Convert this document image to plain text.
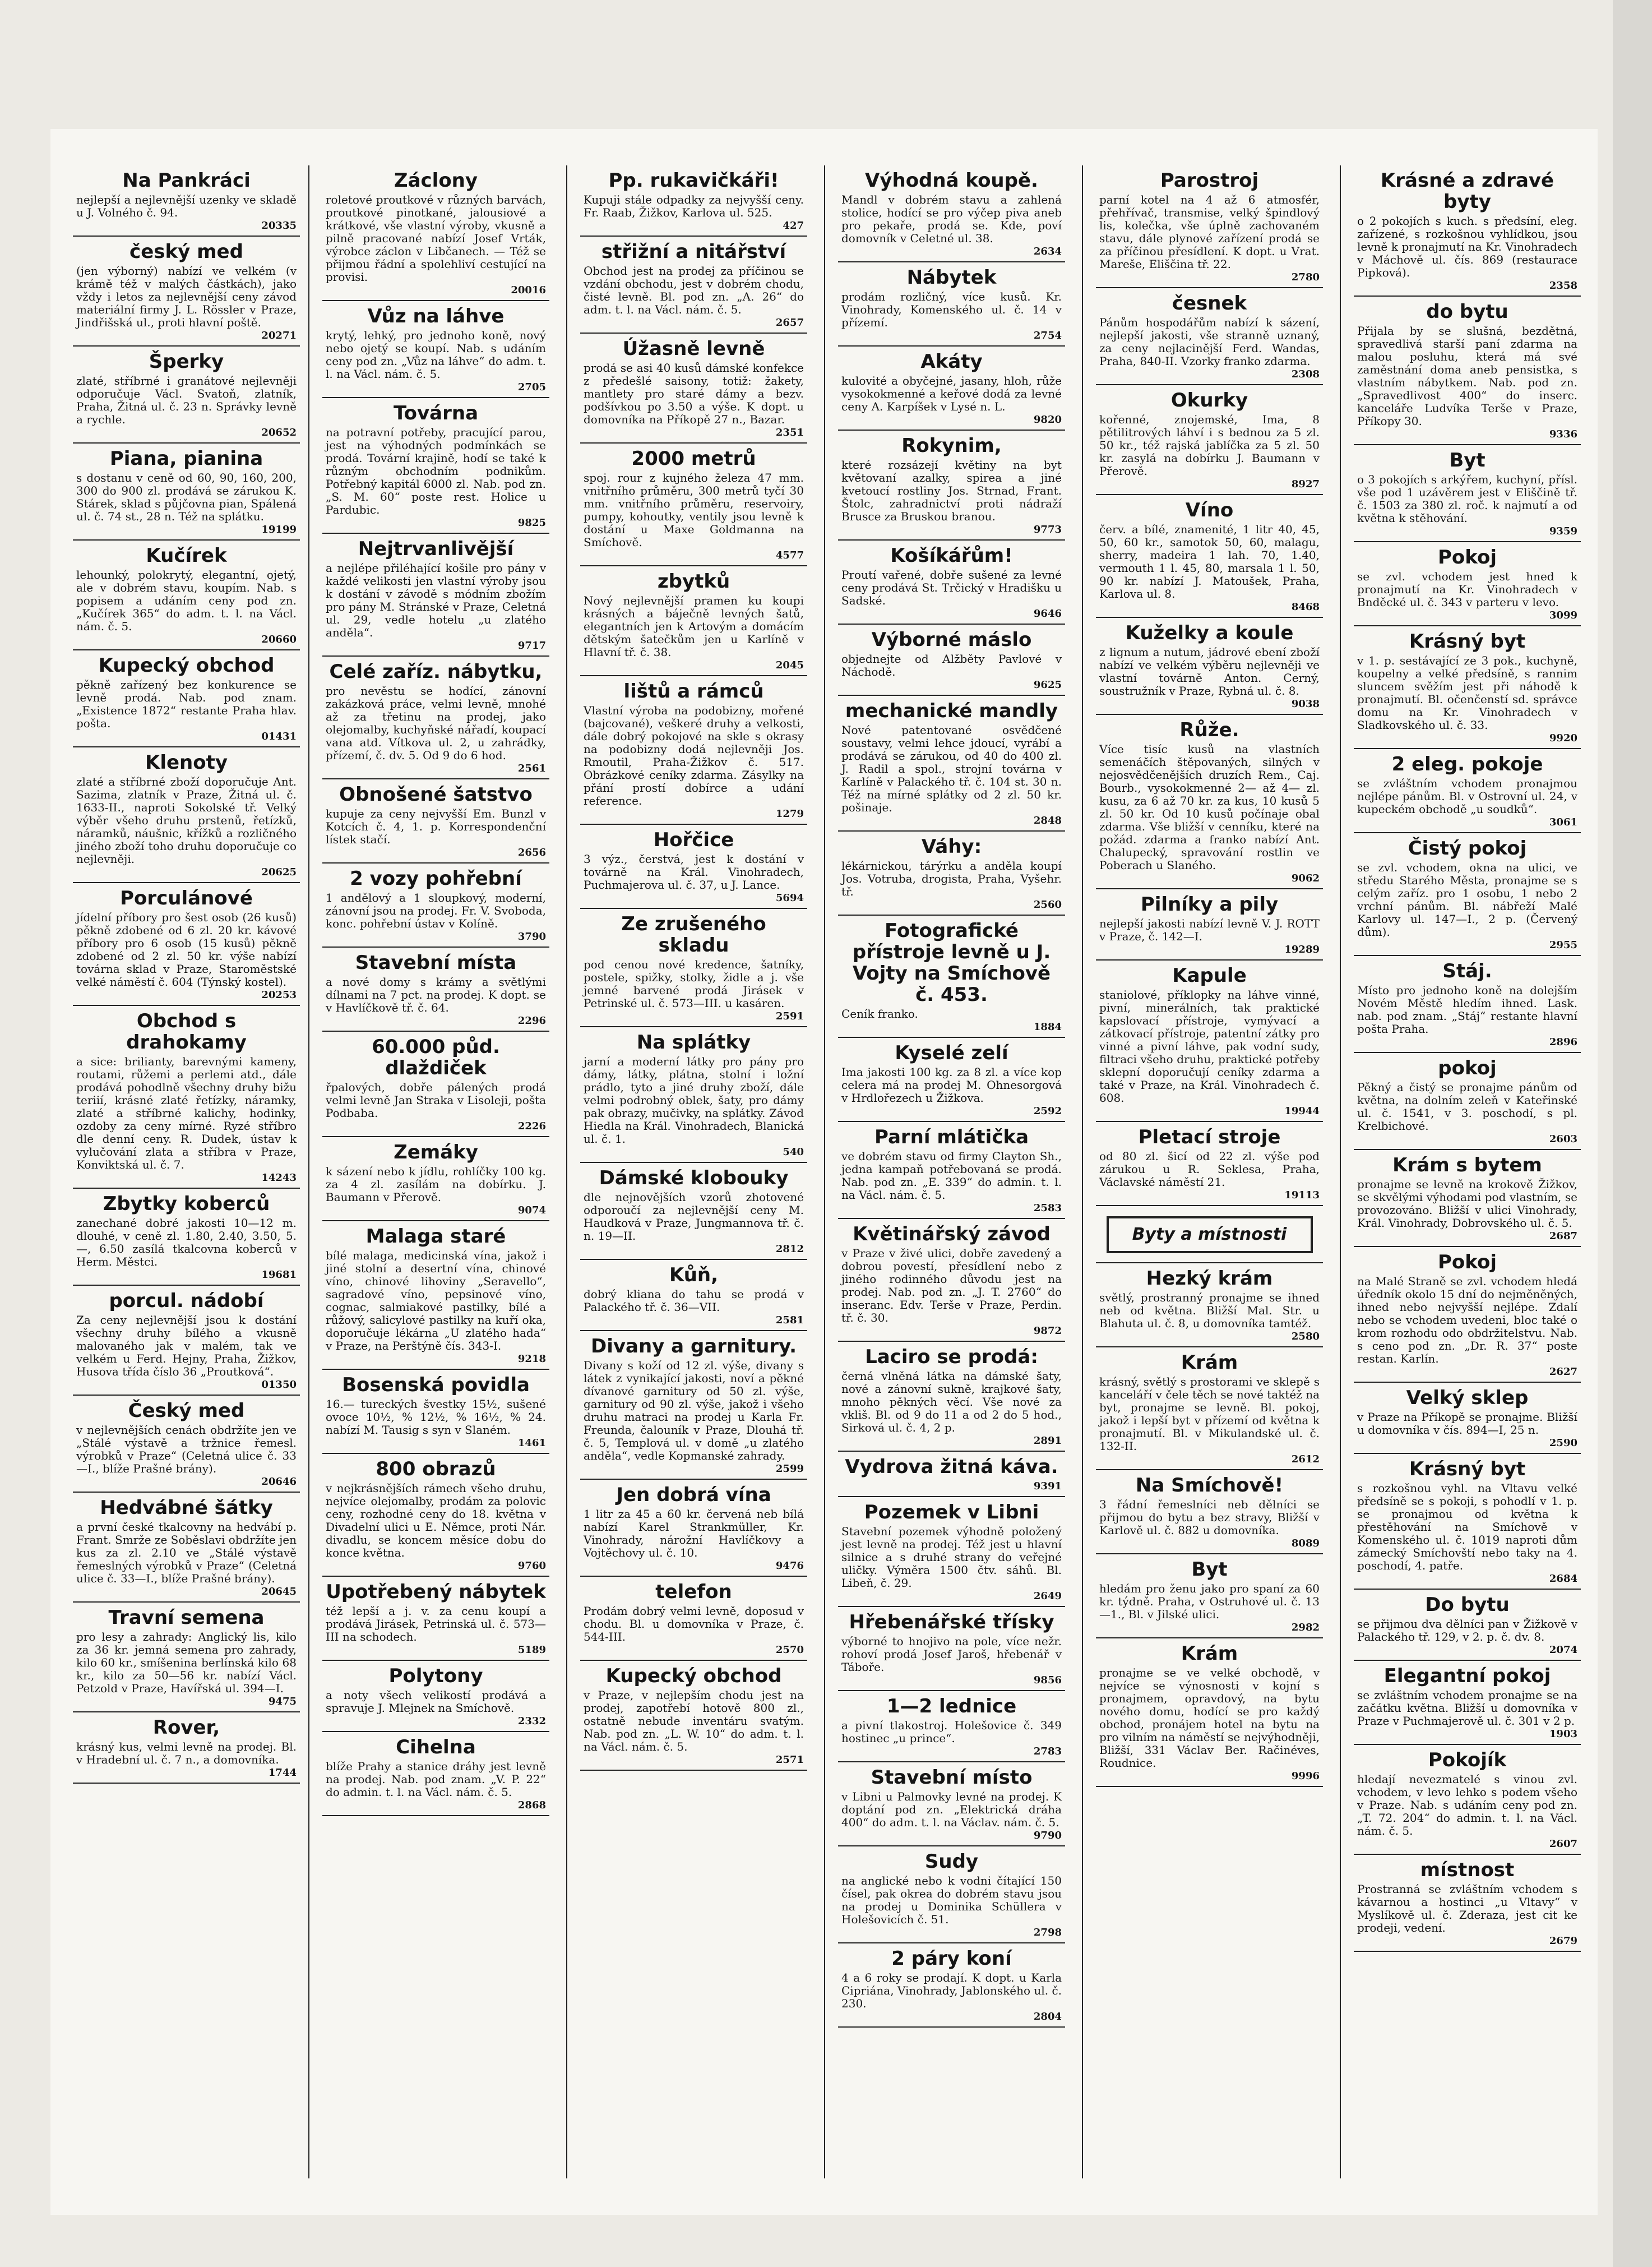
Na Pankráci

nejlepší a nejlevnější uzenky ve skladě u J. Volného č. 94.

20335
český med

(jen výborný) nabízí ve velkém (v krámě též v malých částkách), jako vždy i letos za nejlevnější ceny závod materiální firmy J. L. Rössler v Praze, Jindřišská ul., proti hlavní poště.

20271
Šperky

zlaté, stříbrné i granátové nejlevněji odporučuje Václ. Svatoň, zlatník, Praha, Žitná ul. č. 23 n. Správky levně a rychle.

20652
Piana, pianina

s dostanu v ceně od 60, 90, 160, 200, 300 do 900 zl. prodává se zárukou K. Stárek, sklad s půjčovna pian, Spálená ul. č. 74 st., 28 n. Též na splátku.

19199
Kučírek

lehounký, polokrytý, elegantní, ojetý, ale v dobrém stavu, koupím. Nab. s popisem a udáním ceny pod zn. „Kučírek 365“ do adm. t. l. na Václ. nám. č. 5.

20660
Kupecký obchod

pěkně zařízený bez konkurence se levně prodá. Nab. pod znam. „Existence 1872“ restante Praha hlav. pošta.

01431
Klenoty

zlaté a stříbrné zboží doporučuje Ant. Sazima, zlatník v Praze, Žitná ul. č. 1633-II., naproti Sokolské tř. Velký výběr všeho druhu prstenů, řetízků, náramků, náušnic, křížků a rozličného jiného zboží toho druhu doporučuje co nejlevněji.

20625
Porculánové

jídelní příbory pro šest osob (26 kusů) pěkně zdobené od 6 zl. 20 kr. kávové příbory pro 6 osob (15 kusů) pěkně zdobené od 2 zl. 50 kr. výše nabízí továrna sklad v Praze, Staroměstské velké náměstí č. 604 (Týnský kostel).

20253
Obchod s drahokamy

a sice: brilianty, barevnými kameny, routami, růžemi a perlemi atd., dále prodává pohodlně všechny druhy bižu teriií, krásné zlaté řetízky, náramky, zlaté a stříbrné kalichy, hodinky, ozdoby za ceny mírné. Ryzé stříbro dle denní ceny. R. Dudek, ústav k vylučování zlata a stříbra v Praze, Konviktská ul. č. 7.

14243
Zbytky koberců

zanechané dobré jakosti 10—12 m. dlouhé, v ceně zl. 1.80, 2.40, 3.50, 5.—, 6.50 zasílá tkalcovna koberců v Herm. Městci.

19681
porcul. nádobí

Za ceny nejlevnější jsou k dostání všechny druhy bílého a vkusně malovaného jak v malém, tak ve velkém u Ferd. Hejny, Praha, Žižkov, Husova třída číslo 36 „Proutková“.

01350
Český med

v nejlevnějších cenách obdržíte jen ve „Stálé výstavě a tržnice řemesl. výrobků v Praze“ (Celetná ulice č. 33—I., blíže Prašné brány).

20646
Hedvábné šátky

a první české tkalcovny na hedvábí p. Frant. Smrže ze Soběslavi obdržíte jen kus za zl. 2.10 ve „Stálé výstavě řemeslných výrobků v Praze“ (Celetná ulice č. 33—I., blíže Prašné brány).

20645
Travní semena

pro lesy a zahrady: Anglický lis, kilo za 36 kr. jemná semena pro zahrady, kilo 60 kr., smíšenina berlínská kilo 68 kr., kilo za 50—56 kr. nabízí Václ. Petzold v Praze, Havířská ul. 394—I.

9475
Rover,

krásný kus, velmi levně na prodej. Bl. v Hradební ul. č. 7 n., a domovníka.

1744
Záclony

roletové proutkové v různých barvách, proutkové pinotkané, jalousiové a krátkové, vše vlastní výroby, vkusně a pilně pracované nabízí Josef Vrták, výrobce záclon v Libčanech. — Též se přijmou řádní a spolehliví cestující na provisi.

20016
Vůz na láhve

krytý, lehký, pro jednoho koně, nový nebo ojetý se koupí. Nab. s udáním ceny pod zn. „Vůz na láhve“ do adm. t. l. na Václ. nám. č. 5.

2705
Továrna

na potravní potřeby, pracující parou, jest na výhodných podmínkách se prodá. Tovární krajině, hodí se také k různým obchodním podnikům. Potřebný kapitál 6000 zl. Nab. pod zn. „S. M. 60“ poste rest. Holice u Pardubic.

9825
Nejtrvanlivější

a nejlépe přiléhající košile pro pány v každé velikosti jen vlastní výroby jsou k dostání v závodě s módním zbožím pro pány M. Stránské v Praze, Celetná ul. 29, vedle hotelu „u zlatého anděla“.

9717
Celé zaříz. nábytku,

pro nevěstu se hodící, zánovní zakázková práce, velmi levně, mnohé až za třetinu na prodej, jako olejomalby, kuchyňské nářadí, koupací vana atd. Vítkova ul. 2, u zahrádky, přízemí, č. dv. 5. Od 9 do 6 hod.

2561
Obnošené šatstvo

kupuje za ceny nejvyšší Em. Bunzl v Kotcích č. 4, 1. p. Korrespondenční lístek stačí.

2656
2 vozy pohřební

1 andělový a 1 sloupkový, moderní, zánovní jsou na prodej. Fr. V. Svoboda, konc. pohřební ústav v Kolíně.

3790
Stavební místa

a nové domy s krámy a světlými dílnami na 7 pct. na prodej. K dopt. se v Havlíčkově tř. č. 64.

2296
60.000 půd. dlaždiček

řpalových, dobře pálených prodá velmi levně Jan Straka v Lisoleji, pošta Podbaba.

2226
Zemáky

k sázení nebo k jídlu, rohlíčky 100 kg. za 4 zl. zasílám na dobírku. J. Baumann v Přerově.

9074
Malaga staré

bílé malaga, medicinská vína, jakož i jiné stolní a desertní vína, chinové víno, chinové lihoviny „Seravello“, sagradové víno, pepsinové víno, cognac, salmiakové pastilky, bílé a růžový, salicylové pastilky na kuří oka, doporučuje lékárna „U zlatého hada“ v Praze, na Perštýně čís. 343-I.

9218
Bosenská povidla

16.— tureckých švestky 15½, sušené ovoce 10½, % 12½, % 16½, % 24. nabízí M. Tausig s syn v Slaném.

1461
800 obrazů

v nejkrásnějších rámech všeho druhu, nejvíce olejomalby, prodám za polovic ceny, rozhodné ceny do 18. května v Divadelní ulici u E. Němce, proti Nár. divadlu, se koncem měsíce dobu do konce května.

9760
Upotřebený nábytek

též lepší a j. v. za cenu koupí a prodává Jirásek, Petrinská ul. č. 573—III na schodech.

5189
Polytony

a noty všech velikostí prodává a spravuje J. Mlejnek na Smíchově.

2332
Cihelna

blíže Prahy a stanice dráhy jest levně na prodej. Nab. pod znam. „V. P. 22“ do admin. t. l. na Václ. nám. č. 5.

2868
Pp. rukavičkáři!

Kupuji stále odpadky za nejvyšší ceny. Fr. Raab, Žižkov, Karlova ul. 525.

427
střižní a nitářství

Obchod jest na prodej za příčinou se vzdání obchodu, jest v dobrém chodu, čisté levně. Bl. pod zn. „A. 26“ do adm. t. l. na Václ. nám. č. 5.

2657
Úžasně levně

prodá se asi 40 kusů dámské konfekce z předešlé saisony, totiž: žakety, mantlety pro staré dámy a bezv. podšívkou po 3.50 a výše. K dopt. u domovníka na Příkopě 27 n., Bazar.

2351
2000 metrů

spoj. rour z kujného železa 47 mm. vnitřního průměru, 300 metrů tyčí 30 mm. vnitřního průměru, reservoiry, pumpy, kohoutky, ventily jsou levně k dostání u Maxe Goldmanna na Smíchově.

4577
zbytků

Nový nejlevnější pramen ku koupi krásných a báječně levných šatů, elegantních jen k Artovým a domácím dětským šatečkům jen u Karlíně v Hlavní tř. č. 38.

2045
lištů a rámců

Vlastní výroba na podobizny, mořené (bajcované), veškeré druhy a velkosti, dále dobrý pokojové na skle s okrasy na podobizny dodá nejlevněji Jos. Rmoutil, Praha-Žižkov č. 517. Obrázkové ceníky zdarma. Zásylky na přání prostí dobírce a udání reference.

1279
Hořčice

3 výz., čerstvá, jest k dostání v továrně na Král. Vinohradech, Puchmajerova ul. č. 37, u J. Lance.

5694
Ze zrušeného skladu

pod cenou nové kredence, šatníky, postele, spižky, stolky, židle a j. vše jemné barvené prodá Jirásek v Petrinské ul. č. 573—III. u kasáren.

2591
Na splátky

jarní a moderní látky pro pány pro dámy, látky, plátna, stolní i ložní prádlo, tyto a jiné druhy zboží, dále velmi podrobný oblek, šaty, pro dámy pak obrazy, mučivky, na splátky. Závod Hiedla na Král. Vinohradech, Blanická ul. č. 1.

540
Dámské klobouky

dle nejnovějších vzorů zhotovené odporoučí za nejlevnější ceny M. Haudková v Praze, Jungmannova tř. č. n. 19—II.

2812
Kůň,

dobrý kliana do tahu se prodá v Palackého tř. č. 36—VII.

2581
Divany a garnitury.

Divany s koží od 12 zl. výše, divany s látek z vynikající jakosti, noví a pěkné dívanové garnitury od 50 zl. výše, garnitury od 90 zl. výše, jakož i všeho druhu matraci na prodej u Karla Fr. Freunda, čalouník v Praze, Dlouhá tř. č. 5, Templová ul. v domě „u zlatého anděla“, vedle Kopmanské zahrady.

2599
Jen dobrá vína

1 litr za 45 a 60 kr. červená neb bílá nabízí Karel Strankmüller, Kr. Vinohrady, nárožní Havlíčkovy a Vojtěchovy ul. č. 10.

9476
telefon

Prodám dobrý velmi levně, doposud v chodu. Bl. u domovníka v Praze, č. 544-III.

2570
Kupecký obchod

v Praze, v nejlepším chodu jest na prodej, zapotřebí hotově 800 zl., ostatně nebude inventáru svatým. Nab. pod zn. „L. W. 10“ do adm. t. l. na Václ. nám. č. 5.

2571
Výhodná koupě.

Mandl v dobrém stavu a zahlená stolice, hodící se pro výčep piva aneb pro pekaře, prodá se. Kde, poví domovník v Celetné ul. 38.

2634
Nábytek

prodám rozličný, více kusů. Kr. Vinohrady, Komenského ul. č. 14 v přízemí.

2754
Akáty

kulovité a obyčejné, jasany, hloh, růže vysokokmenné a keřové dodá za levné ceny A. Karpíšek v Lysé n. L.

9820
Rokynim,

které rozsázejí květiny na byt květovaní azalky, spirea a jiné kvetoucí rostliny Jos. Strnad, Frant. Štolc, zahradnictví proti nádraží Brusce za Bruskou branou.

9773
Košíkářům!

Proutí vařené, dobře sušené za levné ceny prodává St. Trčický v Hradišku u Sadské.

9646
Výborné máslo

objednejte od Alžběty Pavlové v Náchodě.

9625
mechanické mandly

Nové patentované osvědčené soustavy, velmi lehce jdoucí, vyrábí a prodává se zárukou, od 40 do 400 zl. J. Radil a spol., strojní továrna v Karlíně v Palackého tř. č. 104 st. 30 n. Též na mírné splátky od 2 zl. 50 kr. pošinaje.

2848
Váhy:

lékárnickou, tárýrku a anděla koupí Jos. Votruba, drogista, Praha, Vyšehr. tř.

2560
Fotografické přístroje levně u J. Vojty na Smíchově č. 453.

Ceník franko.

1884
Kyselé zelí

Ima jakosti 100 kg. za 8 zl. a více kop celera má na prodej M. Ohnesorgová v Hrdlořezech u Žižkova.

2592
Parní mlátička

ve dobrém stavu od firmy Clayton Sh., jedna kampaň potřebovaná se prodá. Nab. pod zn. „E. 339“ do admin. t. l. na Václ. nám. č. 5.

2583
Květinářský závod

v Praze v živé ulici, dobře zavedený a dobrou povestí, přesídlení nebo z jiného rodinného důvodu jest na prodej. Nab. pod zn. „J. T. 2760“ do inseranc. Edv. Terše v Praze, Perdin. tř. č. 30.

9872
Laciro se prodá:

černá vlněná látka na dámské šaty, nové a zánovní sukně, krajkové šaty, mnoho pěkných věcí. Vše nové za vkliš. Bl. od 9 do 11 a od 2 do 5 hod., Sirková ul. č. 4, 2 p.

2891
Vydrova žitná káva.
9391
Pozemek v Libni

Stavební pozemek výhodně položený jest levně na prodej. Též jest u hlavní silnice a s druhé strany do veřejné uličky. Výměra 1500 čtv. sáhů. Bl. Libeň, č. 29.

2649
Hřebenářské třísky

výborné to hnojivo na pole, více nežr. rohoví prodá Josef Jaroš, hřebenář v Táboře.

9856
1—2 lednice

a pivní tlakostroj. Holešovice č. 349 hostinec „u prince“.

2783
Stavební místo

v Libni u Palmovky levné na prodej. K doptání pod zn. „Elektrická dráha 400“ do adm. t. l. na Václav. nám. č. 5.

9790
Sudy

na anglické nebo k vodni čítající 150 čísel, pak okrea do dobrém stavu jsou na prodej u Dominika Schüllera v Holešovicích č. 51.

2798
2 páry koní

4 a 6 roky se prodají. K dopt. u Karla Cipriána, Vinohrady, Jablonského ul. č. 230.

2804
Parostroj

parní kotel na 4 až 6 atmosfér, přehřívač, transmise, velký špindlový lis, kolečka, vše úplně zachovaném stavu, dále plynové zařízení prodá se za příčinou přesídlení. K dopt. u Vrat. Mareše, Eliščina tř. 22.

2780
česnek

Pánům hospodářům nabízí k sázení, nejlepší jakosti, vše stranně uznaný, za ceny nejlacinější Ferd. Wandas, Praha, 840-II. Vzorky franko zdarma.

2308
Okurky

kořenné, znojemské, Ima, 8 pětilitrových láhví i s bednou za 5 zl. 50 kr., též rajská jablíčka za 5 zl. 50 kr. zasylá na dobírku J. Baumann v Přerově.

8927
Víno

červ. a bílé, znamenité, 1 litr 40, 45, 50, 60 kr., samotok 50, 60, malagu, sherry, madeira 1 lah. 70, 1.40, vermouth 1 l. 45, 80, marsala 1 l. 50, 90 kr. nabízí J. Matoušek, Praha, Karlova ul. 8.

8468
Kuželky a koule

z lignum a nutum, jádrové ebení zboží nabízí ve velkém výběru nejlevněji ve vlastní továrně Anton. Cerný, soustružník v Praze, Rybná ul. č. 8.

9038
Růže.

Více tisíc kusů na vlastních semenáčích štěpovaných, silných v nejosvědčenějších druzích Rem., Caj. Bourb., vysokokmenné 2— až 4— zl. kusu, za 6 až 70 kr. za kus, 10 kusů 5 zl. 50 kr. Od 10 kusů počínaje obal zdarma. Vše bližší v cenníku, které na požád. zdarma a franko nabízí Ant. Chalupecký, spravování rostlin ve Poberach u Slaného.

9062
Pilníky a pily

nejlepší jakosti nabízí levně V. J. ROTT v Praze, č. 142—I.

19289
Kapule

staniolové, příklopky na láhve vinné, pivní, minerálních, tak praktické kapslovací přístroje, vymývací a zátkovací přístroje, patentní zátky pro vinné a pivní láhve, pak vodní sudy, filtraci všeho druhu, praktické potřeby sklepní doporučují ceníky zdarma a také v Praze, na Král. Vinohradech č. 608.

19944
Pletací stroje

od 80 zl. šicí od 22 zl. výše pod zárukou u R. Seklesa, Praha, Václavské náměstí 21.

19113
Byty a místnosti
Hezký krám

světlý, prostranný pronajme se ihned neb od května. Bližší Mal. Str. u Blahuta ul. č. 8, u domovníka tamtéž.

2580
Krám

krásný, světlý s prostorami ve sklepě s kanceláří v čele těch se nové taktéž na byt, pronajme se levně. Bl. pokoj, jakož i lepší byt v přízemí od května k pronajmutí. Bl. v Mikulandské ul. č. 132-II.

2612
Na Smíchově!

3 řádní řemeslníci neb dělníci se přijmou do bytu a bez stravy, Bližší v Karlově ul. č. 882 u domovníka.

8089
Byt

hledám pro ženu jako pro spaní za 60 kr. týdně. Praha, v Ostruhové ul. č. 13—1., Bl. v Jilské ulici.

2982
Krám

pronajme se ve velké obchodě, v nejvíce se výnosnosti v kojní s pronajmem, opravdový, na bytu nového domu, hodící se pro každý obchod, pronájem hotel na bytu na pro vilním na náměstí se nejvýhodněji, Bližší, 331 Václav Ber. Račinéves, Roudnice.

9996
Krásné a zdravé byty

o 2 pokojích s kuch. s předsíní, eleg. zařízené, s rozkošnou vyhlídkou, jsou levně k pronajmutí na Kr. Vinohradech v Máchově ul. čís. 869 (restaurace Pipková).

2358
do bytu

Přijala by se slušná, bezdětná, spravedlivá starší paní zdarma na malou posluhu, která má své zaměstnání doma aneb pensistka, s vlastním nábytkem. Nab. pod zn. „Spravedlivost 400“ do inserc. kanceláře Ludvíka Terše v Praze, Příkopy 30.

9336
Byt

o 3 pokojích s arkýřem, kuchyní, přísl. vše pod 1 uzávěrem jest v Eliščině tř. č. 1503 za 380 zl. roč. k najmutí a od května k stěhování.

9359
Pokoj

se zvl. vchodem jest hned k pronajmutí na Kr. Vinohradech v Bnděcké ul. č. 343 v parteru v levo.

3099
Krásný byt

v 1. p. sestávající ze 3 pok., kuchyně, koupelny a velké předsíně, s rannim sluncem svěžím jest při náhodě k pronajmutí. Bl. očenčenstí sd. správce domu na Kr. Vinohradech v Sladkovského ul. č. 33.

9920
2 eleg. pokoje

se zvláštním vchodem pronajmou nejlépe pánům. Bl. v Ostrovní ul. 24, v kupeckém obchodě „u soudků“.

3061
Čistý pokoj

se zvl. vchodem, okna na ulici, ve středu Starého Města, pronajme se s celým zaříz. pro 1 osobu, 1 nebo 2 vrchní pánům. Bl. nábřeží Malé Karlovy ul. 147—I., 2 p. (Červený dům).

2955
Stáj.

Místo pro jednoho koně na dolejším Novém Městě hledím ihned. Lask. nab. pod znam. „Stáj“ restante hlavní pošta Praha.

2896
pokoj

Pěkný a čistý se pronajme pánům od května, na dolním zeleň v Kateřinské ul. č. 1541, v 3. poschodí, s pl. Krelbichové.

2603
Krám s bytem

pronajme se levně na krokově Žižkov, se skvělými výhodami pod vlastním, se provozováno. Bližší v ulici Vinohrady, Král. Vinohrady, Dobrovského ul. č. 5.

2687
Pokoj

na Malé Straně se zvl. vchodem hledá úředník okolo 15 dní do nejměněných, ihned nebo nejvyšší nejlépe. Zdalí nebo se vchodem uvedeni, bloc také o krom rozhodu odo obdržitelstvu. Nab. s ceno pod zn. „Dr. R. 37“ poste restan. Karlín.

2627
Velký sklep

v Praze na Příkopě se pronajme. Bližší u domovníka v čís. 894—I, 25 n.

2590
Krásný byt

s rozkošnou vyhl. na Vltavu velké předsíně se s pokoji, s pohodlí v 1. p. se pronajmou od května k přestěhování na Smíchově v Komenského ul. č. 1019 naproti dům zámecký Smíchovští nebo taky na 4. poschodí, 4. patře.

2684
Do bytu

se přijmou dva dělníci pan v Žižkově v Palackého tř. 129, v 2. p. č. dv. 8.

2074
Elegantní pokoj

se zvláštním vchodem pronajme se na začátku května. Bližší u domovníka v Praze v Puchmajerově ul. č. 301 v 2 p.

1903
Pokojík

hledají nevezmatelé s vinou zvl. vchodem, v levo lehko s podem všeho v Praze. Nab. s udáním ceny pod zn. „T. 72. 204“ do admin. t. l. na Václ. nám. č. 5.

2607
místnost

Prostranná se zvláštním vchodem s kávarnou a hostinci „u Vltavy“ v Myslíkově ul. č. Zderaza, jest cit ke prodeji, vedení.

2679
